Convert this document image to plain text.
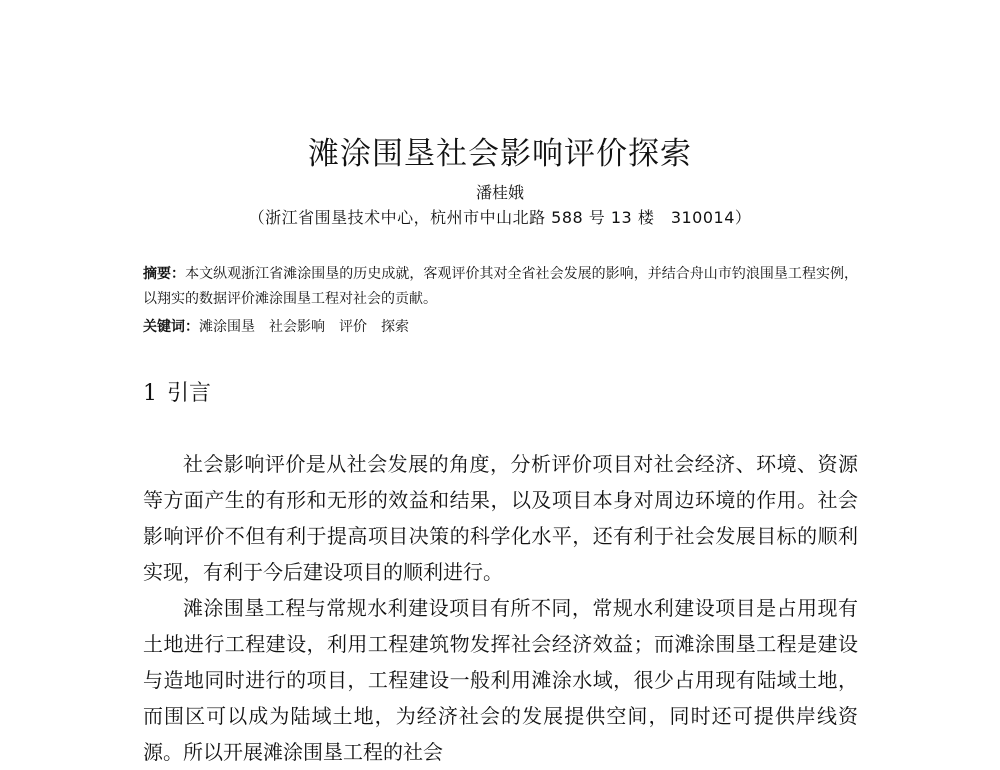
滩涂围垦社会影响评价探索
潘桂娥
（浙江省围垦技术中心，杭州市中山北路 588 号 13 楼　310014）
摘要：本文纵观浙江省滩涂围垦的历史成就，客观评价其对全省社会发展的影响，并结合舟山市钓浪围垦工程实例，以翔实的数据评价滩涂围垦工程对社会的贡献。
关键词：滩涂围垦 社会影响 评价 探索
1 引言

社会影响评价是从社会发展的角度，分析评价项目对社会经济、环境、资源等方面产生的有形和无形的效益和结果，以及项目本身对周边环境的作用。社会影响评价不但有利于提高项目决策的科学化水平，还有利于社会发展目标的顺利实现，有利于今后建设项目的顺利进行。

滩涂围垦工程与常规水利建设项目有所不同，常规水利建设项目是占用现有土地进行工程建设，利用工程建筑物发挥社会经济效益；而滩涂围垦工程是建设与造地同时进行的项目，工程建设一般利用滩涂水域，很少占用现有陆域土地，而围区可以成为陆域土地，为经济社会的发展提供空间，同时还可提供岸线资源。所以开展滩涂围垦工程的社会
